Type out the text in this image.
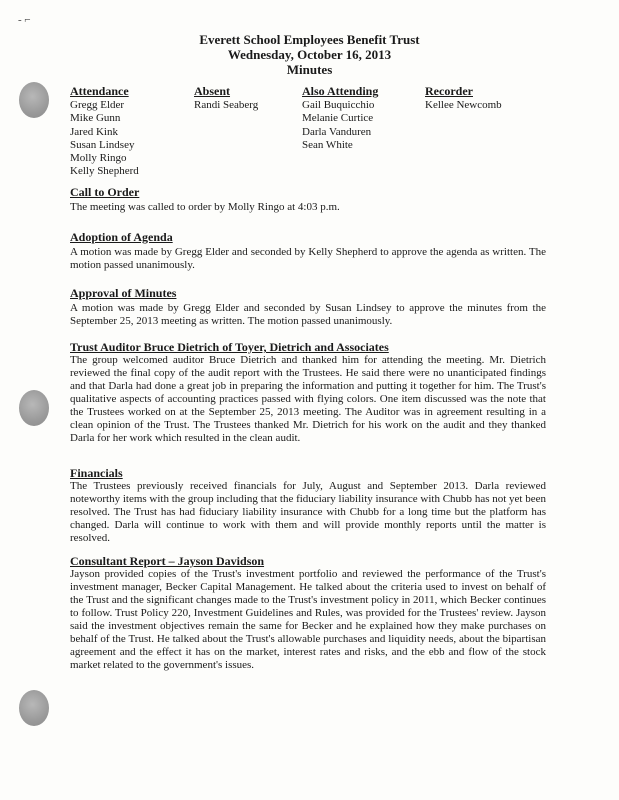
- ⌐
Everett School Employees Benefit Trust
Wednesday, October 16, 2013
Minutes
Attendance
Gregg Elder
Mike Gunn
Jared Kink
Susan Lindsey
Molly Ringo
Kelly Shepherd
Absent
Randi Seaberg
Also Attending
Gail Buquicchio
Melanie Curtice
Darla Vanduren
Sean White
Recorder
Kellee Newcomb
Call to Order

The meeting was called to order by Molly Ringo at 4:03 p.m.

Adoption of Agenda

A motion was made by Gregg Elder and seconded by Kelly Shepherd to approve the agenda as written. The motion passed unanimously.

Approval of Minutes

A motion was made by Gregg Elder and seconded by Susan Lindsey to approve the minutes from the September 25, 2013 meeting as written. The motion passed unanimously.

Trust Auditor Bruce Dietrich of Toyer, Dietrich and Associates

The group welcomed auditor Bruce Dietrich and thanked him for attending the meeting. Mr. Dietrich reviewed the final copy of the audit report with the Trustees. He said there were no unanticipated findings and that Darla had done a great job in preparing the information and putting it together for him. The Trust's qualitative aspects of accounting practices passed with flying colors. One item discussed was the note that the Trustees worked on at the September 25, 2013 meeting. The Auditor was in agreement resulting in a clean opinion of the Trust. The Trustees thanked Mr. Dietrich for his work on the audit and they thanked Darla for her work which resulted in the clean audit.

Financials

The Trustees previously received financials for July, August and September 2013. Darla reviewed noteworthy items with the group including that the fiduciary liability insurance with Chubb has not yet been resolved. The Trust has had fiduciary liability insurance with Chubb for a long time but the platform has changed. Darla will continue to work with them and will provide monthly reports until the matter is resolved.

Consultant Report – Jayson Davidson

Jayson provided copies of the Trust's investment portfolio and reviewed the performance of the Trust's investment manager, Becker Capital Management. He talked about the criteria used to invest on behalf of the Trust and the significant changes made to the Trust's investment policy in 2011, which Becker continues to follow. Trust Policy 220, Investment Guidelines and Rules, was provided for the Trustees' review. Jayson said the investment objectives remain the same for Becker and he explained how they make purchases on behalf of the Trust. He talked about the Trust's allowable purchases and liquidity needs, about the bipartisan agreement and the effect it has on the market, interest rates and risks, and the ebb and flow of the stock market related to the government's issues.
